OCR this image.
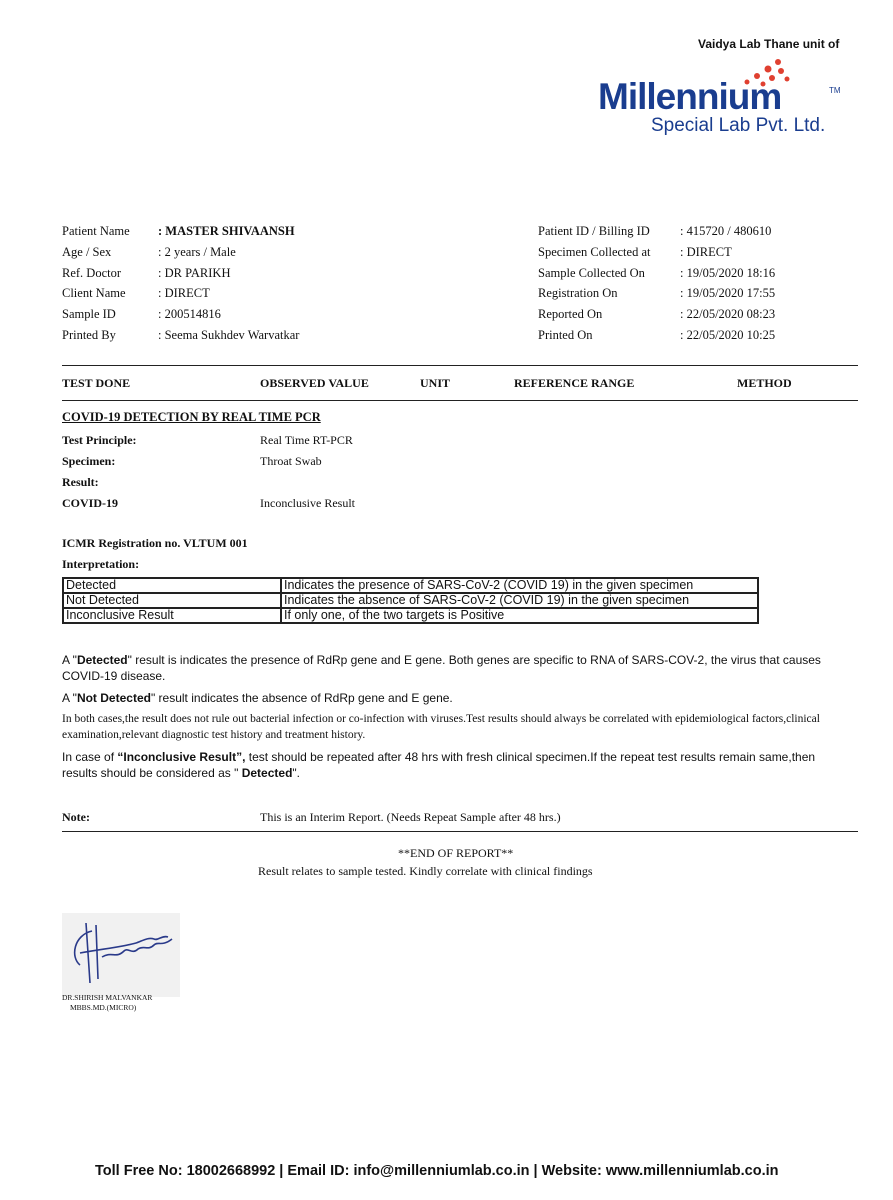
Vaidya Lab Thane unit of
Millennium	TM
Special Lab Pvt. Ltd.
Patient Name : MASTER SHIVAANSH
Age / Sex	: 2 years / Male
Ref. Doctor	: DR PARIKH
Client Name	: DIRECT
Sample ID	: 200514816
Printed By	: Seema Sukhdev Warvatkar
Patient ID / Billing ID : 415720 / 480610
Specimen Collected at : DIRECT
Sample Collected On	: 19/05/2020 18:16
Registration On	: 19/05/2020 17:55
Reported On	: 22/05/2020 08:23
Printed On	: 22/05/2020 10:25
TEST DONE	OBSERVED VALUE	UNIT	REFERENCE RANGE	METHOD
COVID-19 DETECTION BY REAL TIME PCR
Test Principle:	Real Time RT-PCR
Specimen:	Throat Swab
Result:
COVID-19	Inconclusive Result
ICMR Registration no. VLTUM 001
Interpretation:
Detected	Indicates the presence of SARS-CoV-2 (COVID 19) in the given specimen
Not Detected	Indicates the absence of SARS-CoV-2 (COVID 19) in the given specimen
Inconclusive Result	If only one, of the two targets is Positive
A "Detected" result is indicates the presence of RdRp gene and E gene. Both genes are specific to RNA of SARS-COV-2, the virus that causes COVID-19 disease.
A "Not Detected" result indicates the absence of RdRp gene and E gene.
In both cases,the result does not rule out bacterial infection or co-infection with viruses.Test results should always be correlated with epidemiological factors,clinical examination,relevant diagnostic test history and treatment history.
In case of “Inconclusive Result”, test should be repeated after 48 hrs with fresh clinical specimen.If the repeat test results remain same,then results should be considered as " Detected".
Note:	This is an Interim Report. (Needs Repeat Sample after 48 hrs.)
**END OF REPORT**
Result relates to sample tested. Kindly correlate with clinical findings
DR.SHIRISH MALVANKAR
MBBS.MD.(MICRO)
Toll Free No: 18002668992 | Email ID: info@millenniumlab.co.in | Website: www.millenniumlab.co.in
